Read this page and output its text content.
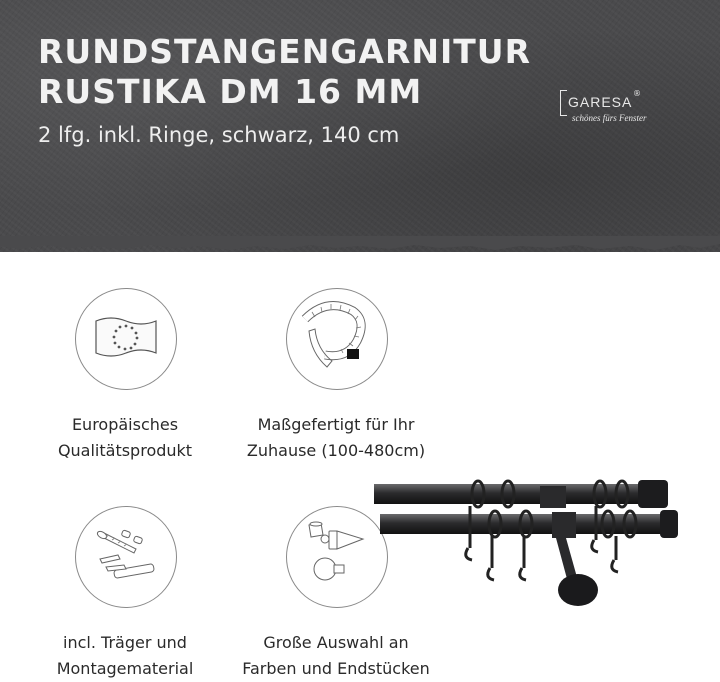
RUNDSTANGENGARNITUR
RUSTIKA DM 16 MM
2 lfg. inkl. Ringe, schwarz, 140 cm
GARESA
®
schönes fürs Fenster
Europäisches
Qualitätsprodukt
Maßgefertigt für Ihr
Zuhause (100-480cm)
incl. Träger und
Montagematerial
Große Auswahl an
Farben und Endstücken
